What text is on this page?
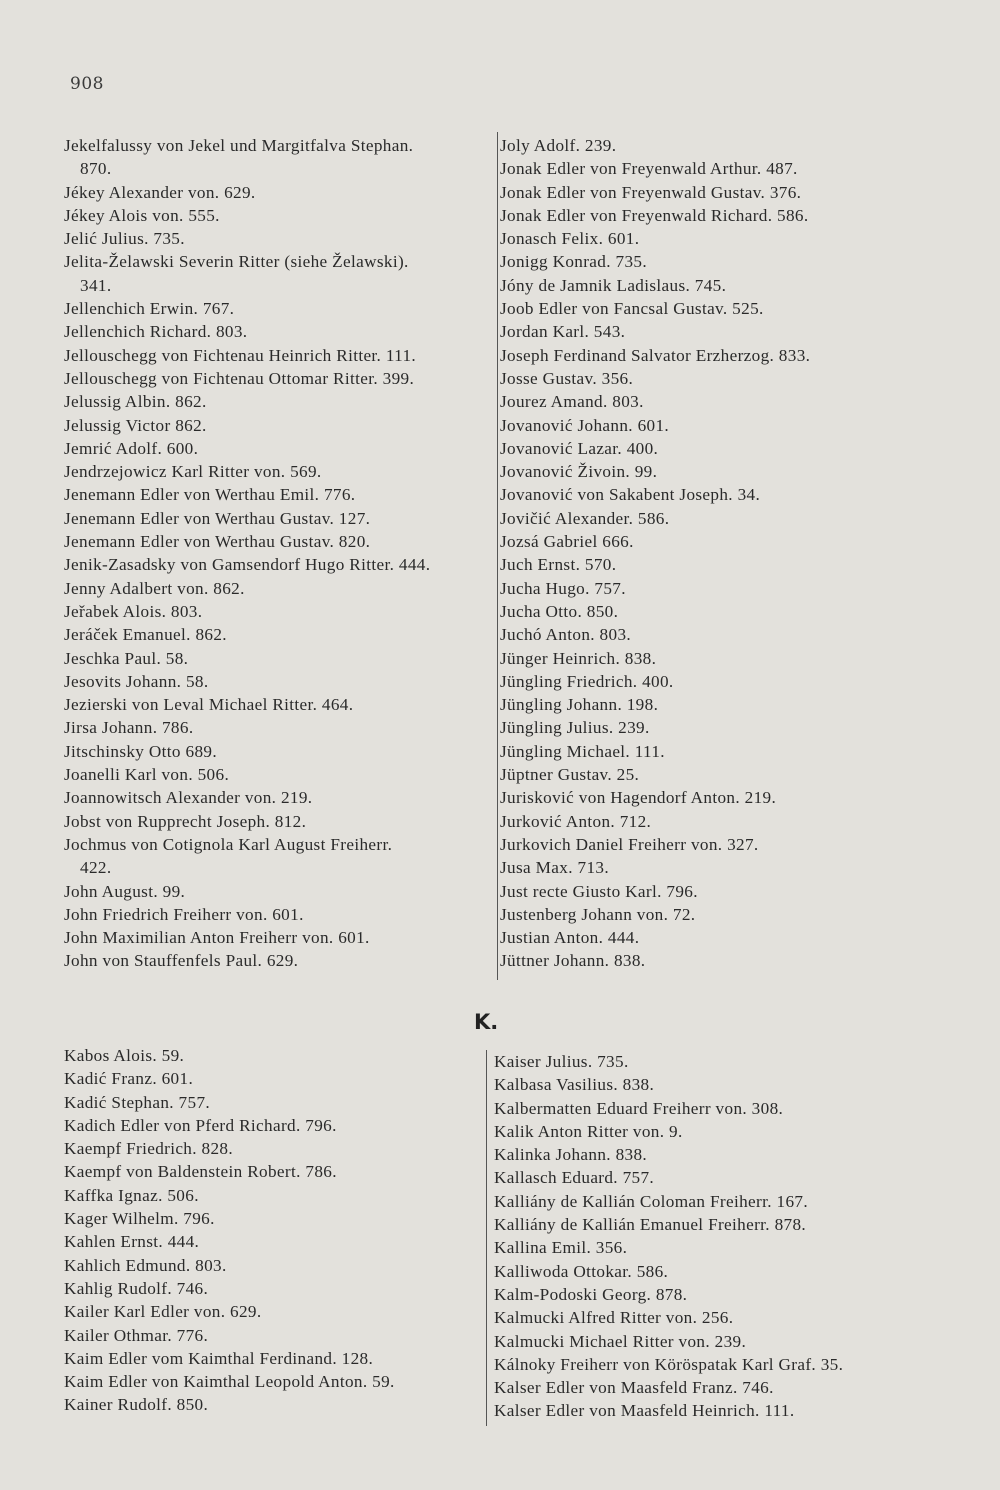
908
Jekelfalussy von Jekel und Margitfalva Stephan.
870.
Jékey Alexander von. 629.
Jékey Alois von. 555.
Jelić Julius. 735.
Jelita-Želawski Severin Ritter (siehe Želawski).
341.
Jellenchich Erwin. 767.
Jellenchich Richard. 803.
Jellouschegg von Fichtenau Heinrich Ritter. 111.
Jellouschegg von Fichtenau Ottomar Ritter. 399.
Jelussig Albin. 862.
Jelussig Victor 862.
Jemrić Adolf. 600.
Jendrzejowicz Karl Ritter von. 569.
Jenemann Edler von Werthau Emil. 776.
Jenemann Edler von Werthau Gustav. 127.
Jenemann Edler von Werthau Gustav. 820.
Jenik-Zasadsky von Gamsendorf Hugo Ritter. 444.
Jenny Adalbert von. 862.
Jeřabek Alois. 803.
Jeráček Emanuel. 862.
Jeschka Paul. 58.
Jesovits Johann. 58.
Jezierski von Leval Michael Ritter. 464.
Jirsa Johann. 786.
Jitschinsky Otto 689.
Joanelli Karl von. 506.
Joannowitsch Alexander von. 219.
Jobst von Rupprecht Joseph. 812.
Jochmus von Cotignola Karl August Freiherr.
422.
John August. 99.
John Friedrich Freiherr von. 601.
John Maximilian Anton Freiherr von. 601.
John von Stauffenfels Paul. 629.
Joly Adolf. 239.
Jonak Edler von Freyenwald Arthur. 487.
Jonak Edler von Freyenwald Gustav. 376.
Jonak Edler von Freyenwald Richard. 586.
Jonasch Felix. 601.
Jonigg Konrad. 735.
Jóny de Jamnik Ladislaus. 745.
Joob Edler von Fancsal Gustav. 525.
Jordan Karl. 543.
Joseph Ferdinand Salvator Erzherzog. 833.
Josse Gustav. 356.
Jourez Amand. 803.
Jovanović Johann. 601.
Jovanović Lazar. 400.
Jovanović Živoin. 99.
Jovanović von Sakabent Joseph. 34.
Jovičić Alexander. 586.
Jozsá Gabriel 666.
Juch Ernst. 570.
Jucha Hugo. 757.
Jucha Otto. 850.
Juchó Anton. 803.
Jünger Heinrich. 838.
Jüngling Friedrich. 400.
Jüngling Johann. 198.
Jüngling Julius. 239.
Jüngling Michael. 111.
Jüptner Gustav. 25.
Jurisković von Hagendorf Anton. 219.
Jurković Anton. 712.
Jurkovich Daniel Freiherr von. 327.
Jusa Max. 713.
Just recte Giusto Karl. 796.
Justenberg Johann von. 72.
Justian Anton. 444.
Jüttner Johann. 838.
K.
Kabos Alois. 59.
Kadić Franz. 601.
Kadić Stephan. 757.
Kadich Edler von Pferd Richard. 796.
Kaempf Friedrich. 828.
Kaempf von Baldenstein Robert. 786.
Kaffka Ignaz. 506.
Kager Wilhelm. 796.
Kahlen Ernst. 444.
Kahlich Edmund. 803.
Kahlig Rudolf. 746.
Kailer Karl Edler von. 629.
Kailer Othmar. 776.
Kaim Edler vom Kaimthal Ferdinand. 128.
Kaim Edler von Kaimthal Leopold Anton. 59.
Kainer Rudolf. 850.
Kaiser Julius. 735.
Kalbasa Vasilius. 838.
Kalbermatten Eduard Freiherr von. 308.
Kalik Anton Ritter von. 9.
Kalinka Johann. 838.
Kallasch Eduard. 757.
Kalliány de Kallián Coloman Freiherr. 167.
Kalliány de Kallián Emanuel Freiherr. 878.
Kallina Emil. 356.
Kalliwoda Ottokar. 586.
Kalm-Podoski Georg. 878.
Kalmucki Alfred Ritter von. 256.
Kalmucki Michael Ritter von. 239.
Kálnoky Freiherr von Köröspatak Karl Graf. 35.
Kalser Edler von Maasfeld Franz. 746.
Kalser Edler von Maasfeld Heinrich. 111.
